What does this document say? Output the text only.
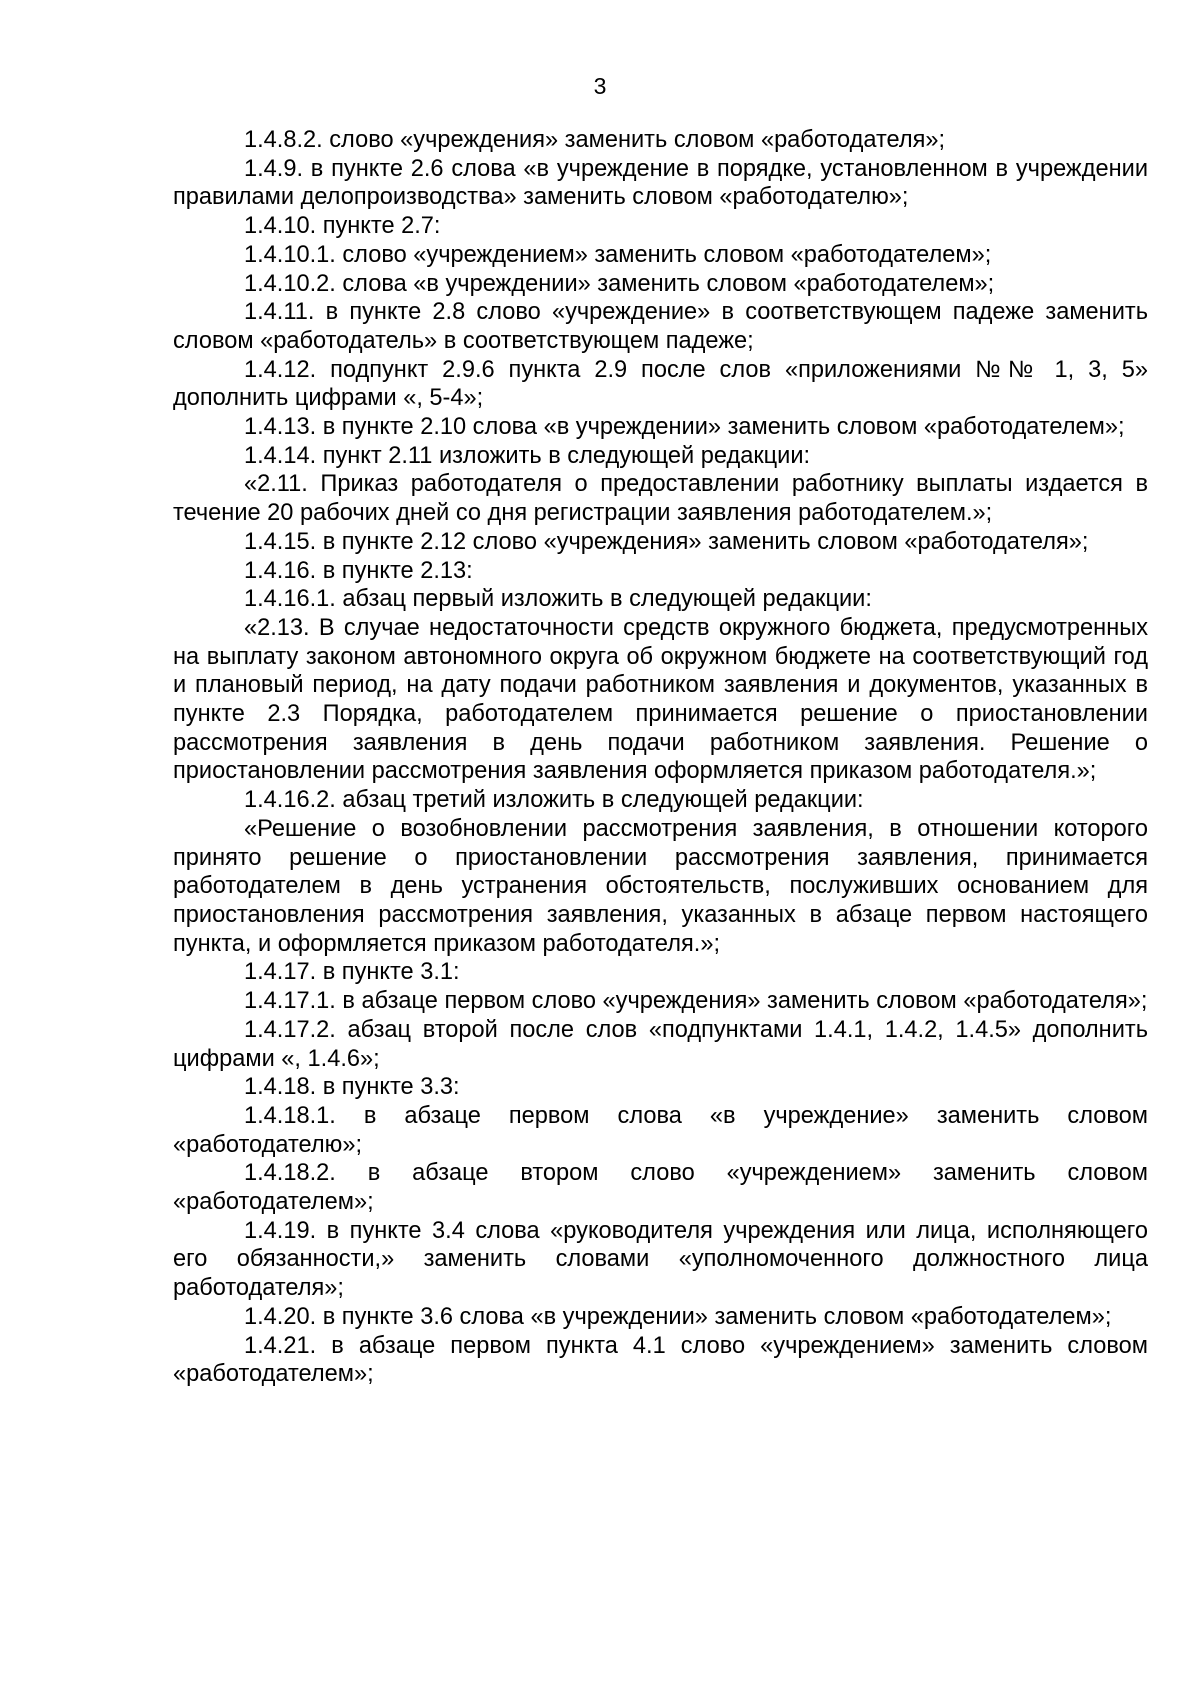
3

1.4.8.2. слово «учреждения» заменить словом «работодателя»;

1.4.9. в пункте 2.6 слова «в учреждение в порядке, установленном в учреждении правилами делопроизводства» заменить словом «работодателю»;

1.4.10. пункте 2.7:

1.4.10.1. слово «учреждением» заменить словом «работодателем»;

1.4.10.2. слова «в учреждении» заменить словом «работодателем»;

1.4.11. в пункте 2.8 слово «учреждение» в соответствующем падеже заменить словом «работодатель» в соответствующем падеже;

1.4.12. подпункт 2.9.6 пункта 2.9 после слов «приложениями №№ 1, 3, 5» дополнить цифрами «, 5-4»;

1.4.13. в пункте 2.10 слова «в учреждении» заменить словом «работодателем»;

1.4.14. пункт 2.11 изложить в следующей редакции:

«2.11. Приказ работодателя о предоставлении работнику выплаты издается в течение 20 рабочих дней со дня регистрации заявления работодателем.»;

1.4.15. в пункте 2.12 слово «учреждения» заменить словом «работодателя»;

1.4.16. в пункте 2.13:

1.4.16.1. абзац первый изложить в следующей редакции:

«2.13. В случае недостаточности средств окружного бюджета, предусмотренных на выплату законом автономного округа об окружном бюджете на соответствующий год и плановый период, на дату подачи работником заявления и документов, указанных в пункте 2.3 Порядка, работодателем принимается решение о приостановлении рассмотрения заявления в день подачи работником заявления. Решение о приостановлении рассмотрения заявления оформляется приказом работодателя.»;

1.4.16.2. абзац третий изложить в следующей редакции:

«Решение о возобновлении рассмотрения заявления, в отношении которого принято решение о приостановлении рассмотрения заявления, принимается работодателем в день устранения обстоятельств, послуживших основанием для приостановления рассмотрения заявления, указанных в абзаце первом настоящего пункта, и оформляется приказом работодателя.»;

1.4.17. в пункте 3.1:

1.4.17.1. в абзаце первом слово «учреждения» заменить словом «работодателя»;

1.4.17.2. абзац второй после слов «подпунктами 1.4.1, 1.4.2, 1.4.5» дополнить цифрами «, 1.4.6»;

1.4.18. в пункте 3.3:

1.4.18.1. в абзаце первом слова «в учреждение» заменить словом «работодателю»;

1.4.18.2. в абзаце втором слово «учреждением» заменить словом «работодателем»;

1.4.19. в пункте 3.4 слова «руководителя учреждения или лица, исполняющего его обязанности,» заменить словами «уполномоченного должностного лица работодателя»;

1.4.20. в пункте 3.6 слова «в учреждении» заменить словом «работодателем»;

1.4.21. в абзаце первом пункта 4.1 слово «учреждением» заменить словом «работодателем»;
